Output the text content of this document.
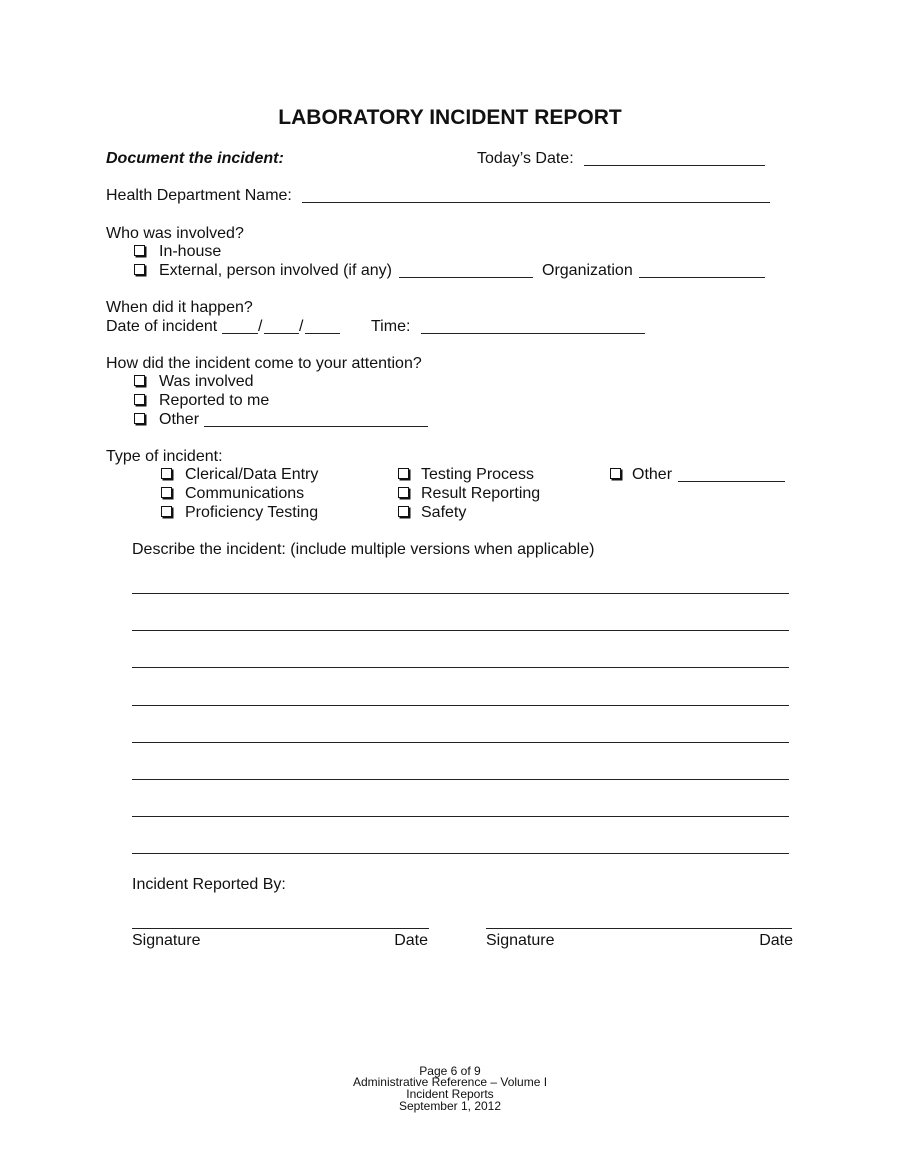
LABORATORY INCIDENT REPORT
Document the incident:	Today’s Date:
Health Department Name:
Who was involved?
In-house
External, person involved (if any)	Organization
When did it happen?
Date of incident	/ /	Time:
How did the incident come to your attention?
Was involved
Reported to me
Other
Type of incident:
Clerical/Data Entry
Communications
Proficiency Testing
Testing Process
Result Reporting
Safety
Other
Describe the incident: (include multiple versions when applicable)
Incident Reported By:
Signature	Date	Signature	Date
Page 6 of 9
Administrative Reference – Volume I
Incident Reports
September 1, 2012
